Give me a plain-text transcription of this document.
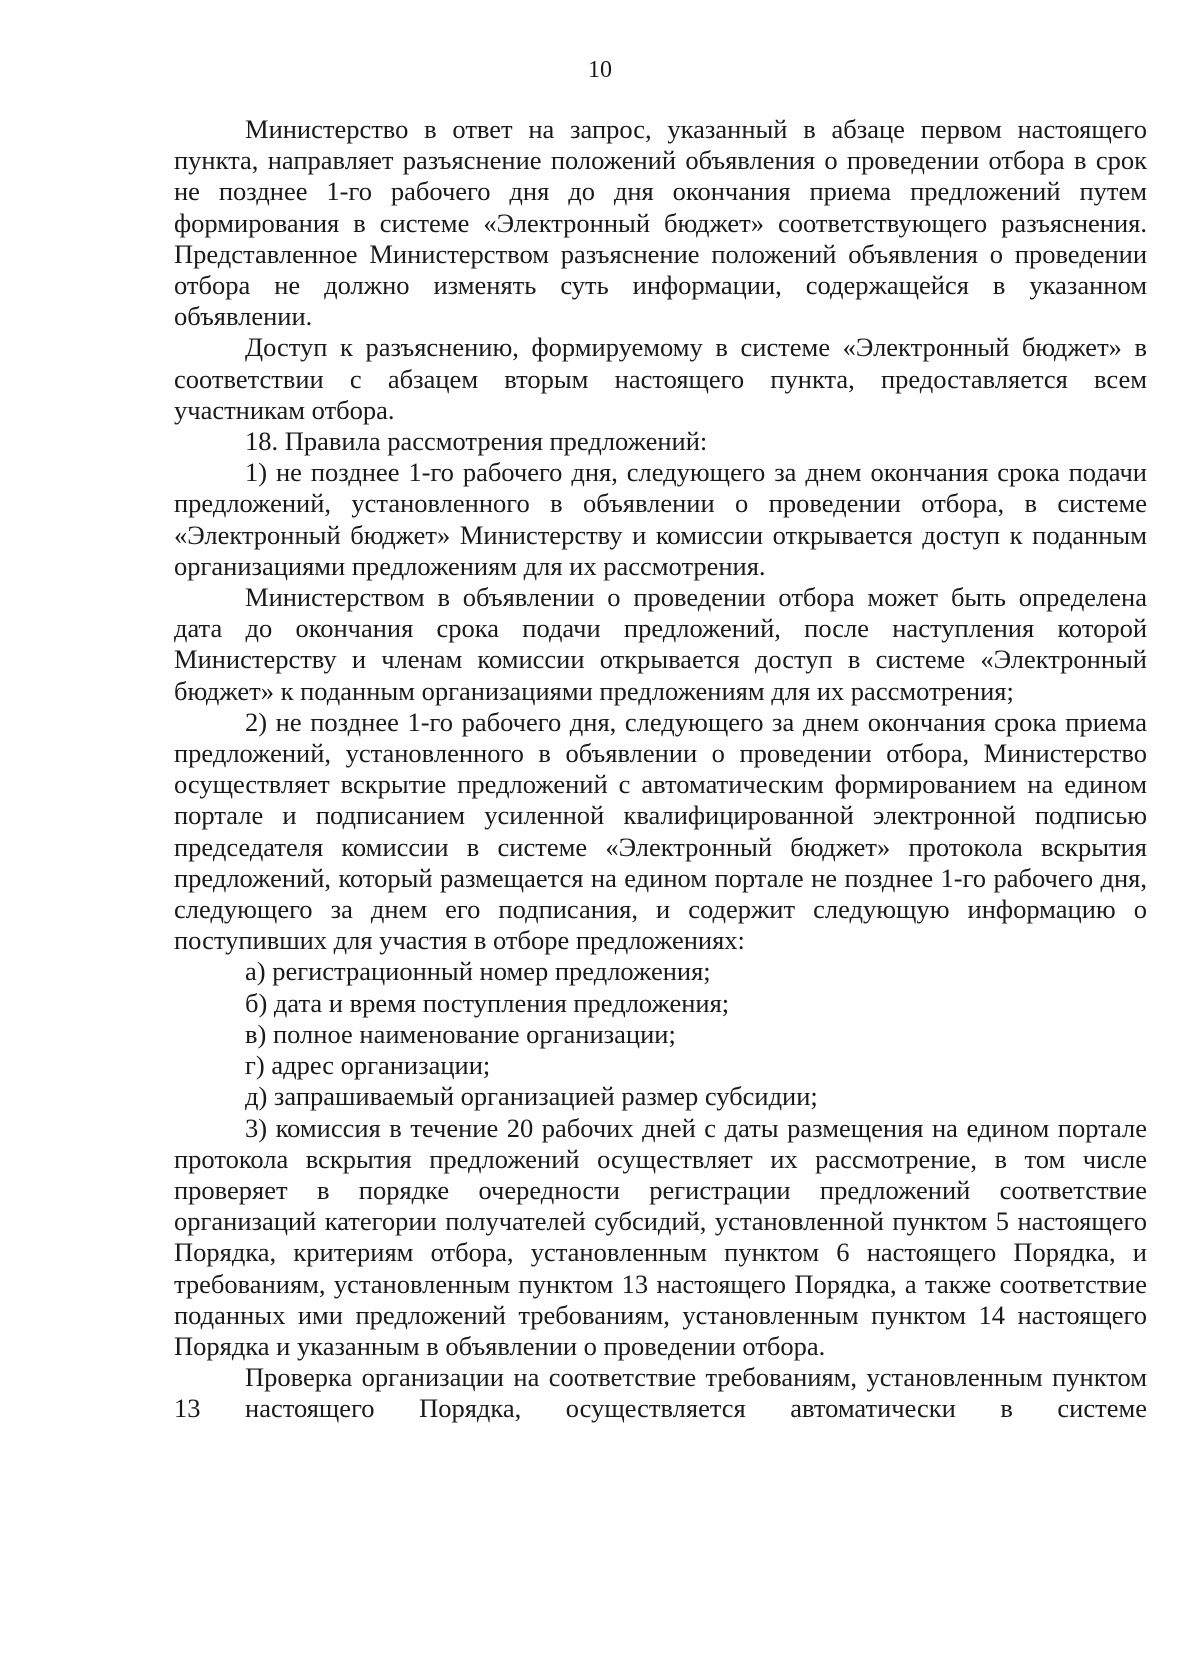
10

Министерство в ответ на запрос, указанный в абзаце первом настоящего пункта, направляет разъяснение положений объявления о проведении отбора в срок не позднее 1-го рабочего дня до дня окончания приема предложений путем формирования в системе «Электронный бюджет» соответствующего разъяснения. Представленное Министерством разъяснение положений объявления о проведении отбора не должно изменять суть информации, содержащейся в указанном объявлении.

Доступ к разъяснению, формируемому в системе «Электронный бюджет» в соответствии с абзацем вторым настоящего пункта, предоставляется всем участникам отбора.

18. Правила рассмотрения предложений:

1) не позднее 1-го рабочего дня, следующего за днем окончания срока подачи предложений, установленного в объявлении о проведении отбора, в системе «Электронный бюджет» Министерству и комиссии открывается доступ к поданным организациями предложениям для их рассмотрения.

Министерством в объявлении о проведении отбора может быть определена дата до окончания срока подачи предложений, после наступления которой Министерству и членам комиссии открывается доступ в системе «Электронный бюджет» к поданным организациями предложениям для их рассмотрения;

2) не позднее 1-го рабочего дня, следующего за днем окончания срока приема предложений, установленного в объявлении о проведении отбора, Министерство осуществляет вскрытие предложений с автоматическим формированием на едином портале и подписанием усиленной квалифицированной электронной подписью председателя комиссии в системе «Электронный бюджет» протокола вскрытия предложений, который размещается на едином портале не позднее 1-го рабочего дня, следующего за днем его подписания, и содержит следующую информацию о поступивших для участия в отборе предложениях:

а) регистрационный номер предложения;

б) дата и время поступления предложения;

в) полное наименование организации;

г) адрес организации;

д) запрашиваемый организацией размер субсидии;

3) комиссия в течение 20 рабочих дней с даты размещения на едином портале протокола вскрытия предложений осуществляет их рассмотрение, в том числе проверяет в порядке очередности регистрации предложений соответствие организаций категории получателей субсидий, установленной пунктом 5 настоящего Порядка, критериям отбора, установленным пунктом 6 настоящего Порядка, и требованиям, установленным пунктом 13 настоящего Порядка, а также соответствие поданных ими предложений требованиям, установленным пунктом 14 настоящего Порядка и указанным в объявлении о проведении отбора.

Проверка организации на соответствие требованиям, установленным пунктом 13 настоящего Порядка, осуществляется автоматически в системе
